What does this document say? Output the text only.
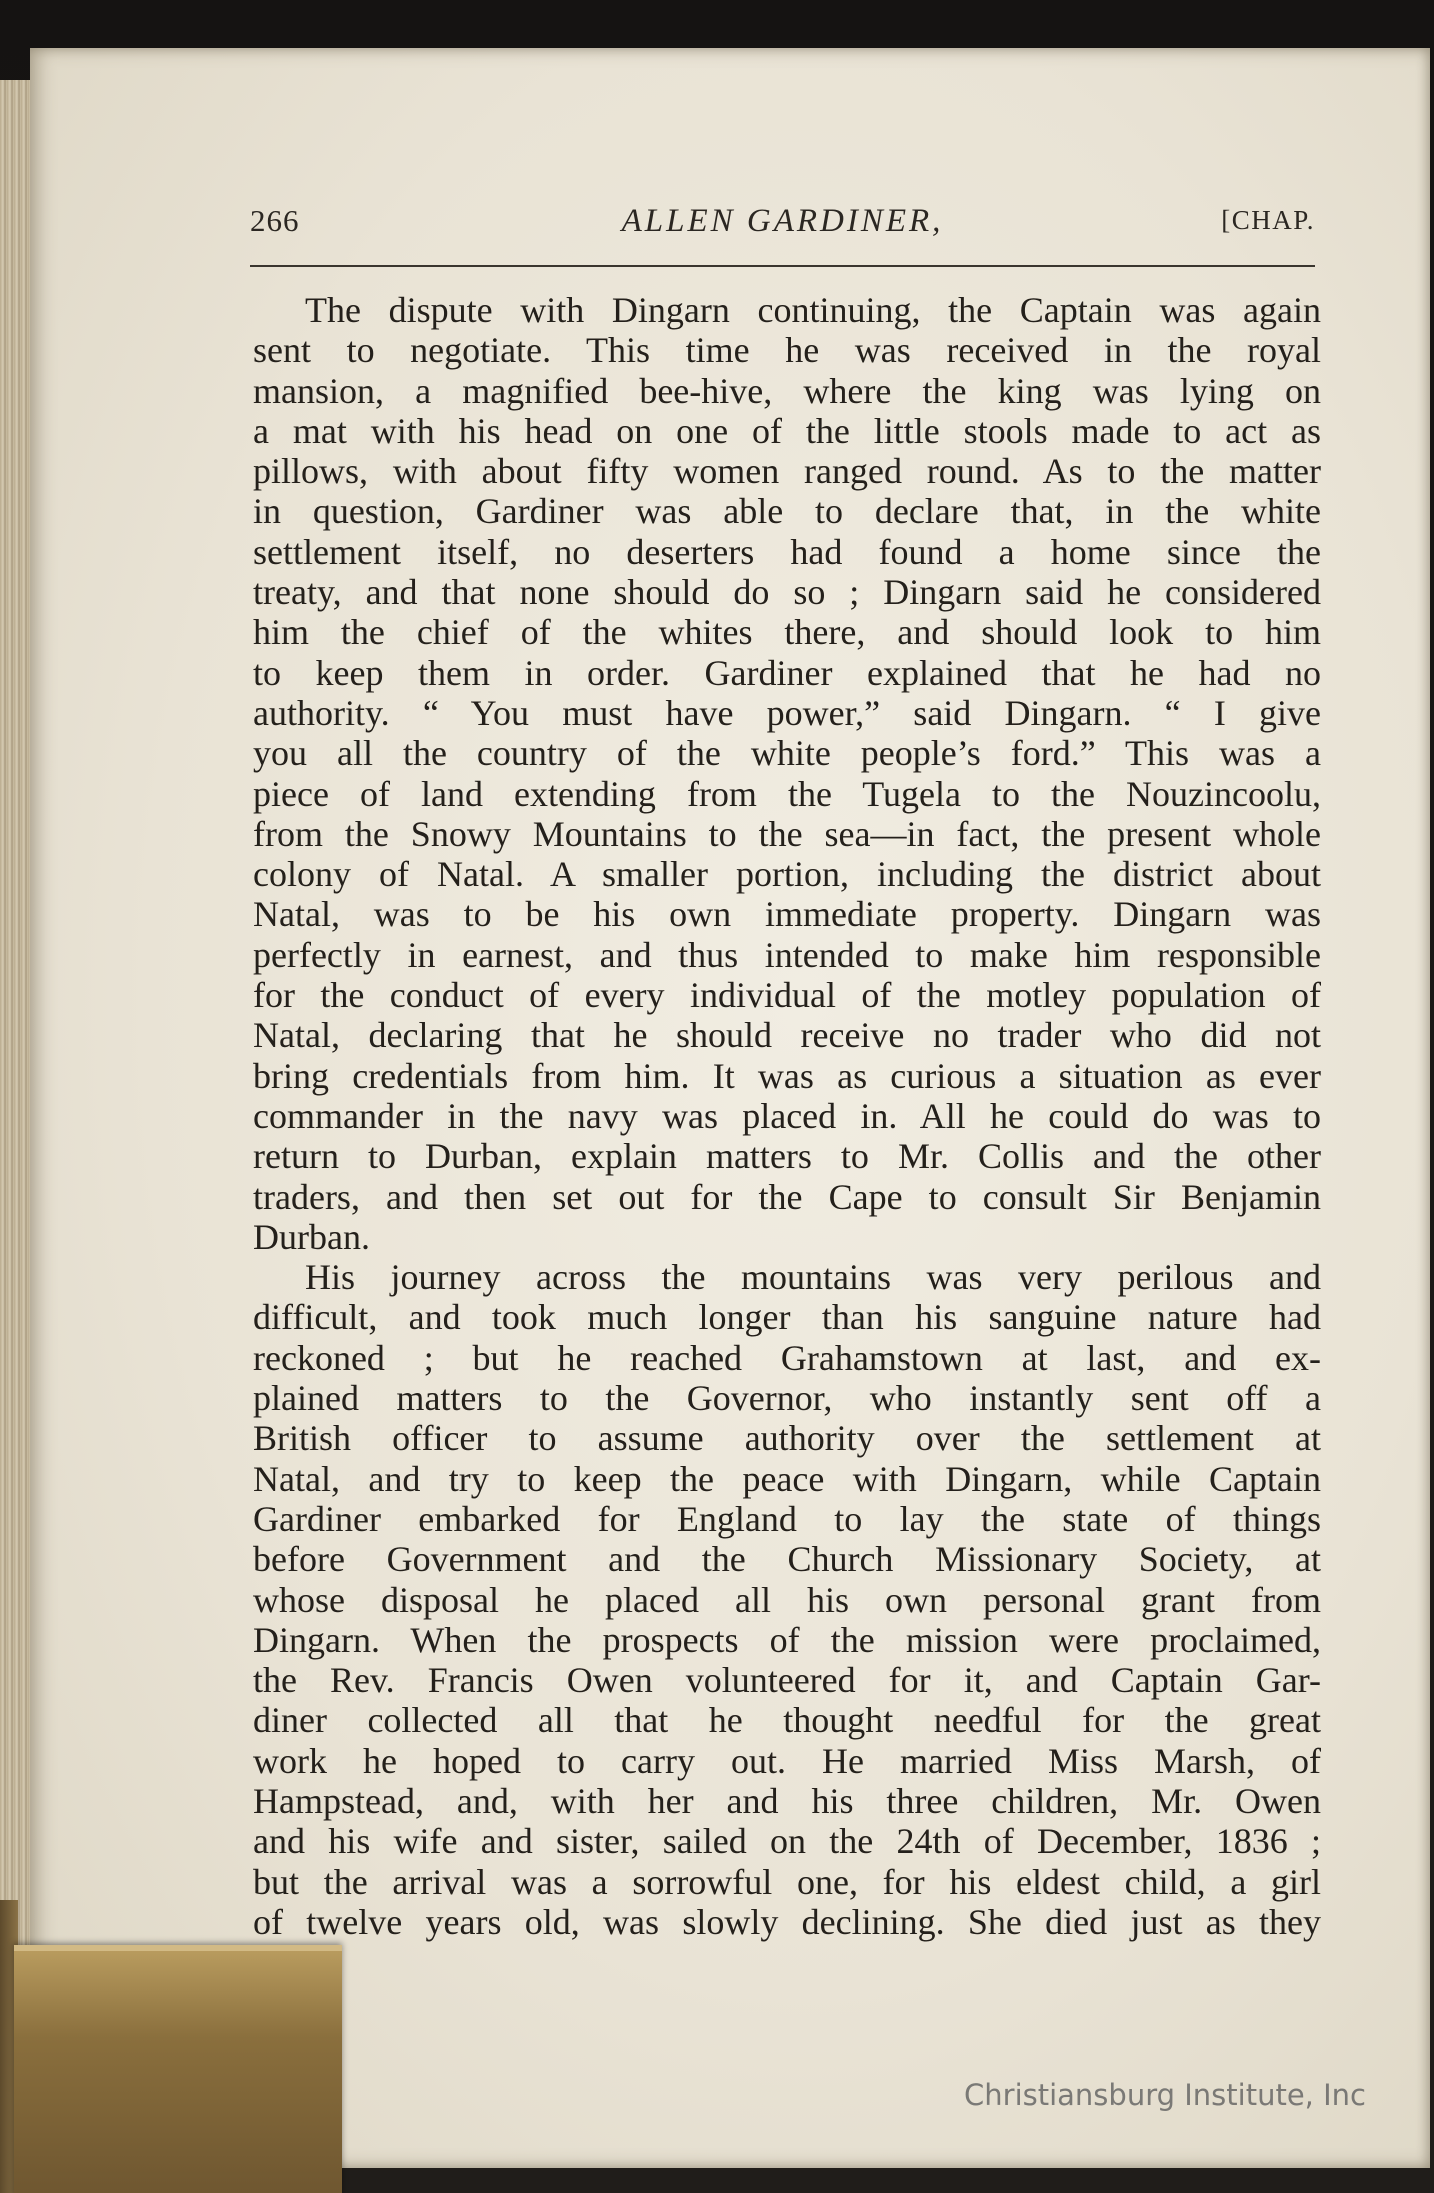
266	ALLEN GARDINER,	[CHAP.
The dispute with Dingarn continuing, the Captain was again
sent to negotiate. This time he was received in the royal
mansion, a magnified bee-hive, where the king was lying on
a mat with his head on one of the little stools made to act as
pillows, with about fifty women ranged round. As to the matter
in question, Gardiner was able to declare that, in the white
settlement itself, no deserters had found a home since the
treaty, and that none should do so ; Dingarn said he considered
him the chief of the whites there, and should look to him
to keep them in order. Gardiner explained that he had no
authority. “ You must have power,” said Dingarn. “ I give
you all the country of the white people’s ford.” This was a
piece of land extending from the Tugela to the Nouzincoolu,
from the Snowy Mountains to the sea—in fact, the present whole
colony of Natal. A smaller portion, including the district about
Natal, was to be his own immediate property. Dingarn was
perfectly in earnest, and thus intended to make him responsible
for the conduct of every individual of the motley population of
Natal, declaring that he should receive no trader who did not
bring credentials from him. It was as curious a situation as ever
commander in the navy was placed in. All he could do was to
return to Durban, explain matters to Mr. Collis and the other
traders, and then set out for the Cape to consult Sir Benjamin
Durban.
His journey across the mountains was very perilous and
difficult, and took much longer than his sanguine nature had
reckoned ; but he reached Grahamstown at last, and ex-
plained matters to the Governor, who instantly sent off a
British officer to assume authority over the settlement at
Natal, and try to keep the peace with Dingarn, while Captain
Gardiner embarked for England to lay the state of things
before Government and the Church Missionary Society, at
whose disposal he placed all his own personal grant from
Dingarn. When the prospects of the mission were proclaimed,
the Rev. Francis Owen volunteered for it, and Captain Gar-
diner collected all that he thought needful for the great
work he hoped to carry out. He married Miss Marsh, of
Hampstead, and, with her and his three children, Mr. Owen
and his wife and sister, sailed on the 24th of December, 1836 ;
but the arrival was a sorrowful one, for his eldest child, a girl
of twelve years old, was slowly declining. She died just as they
Christiansburg Institute, Inc
